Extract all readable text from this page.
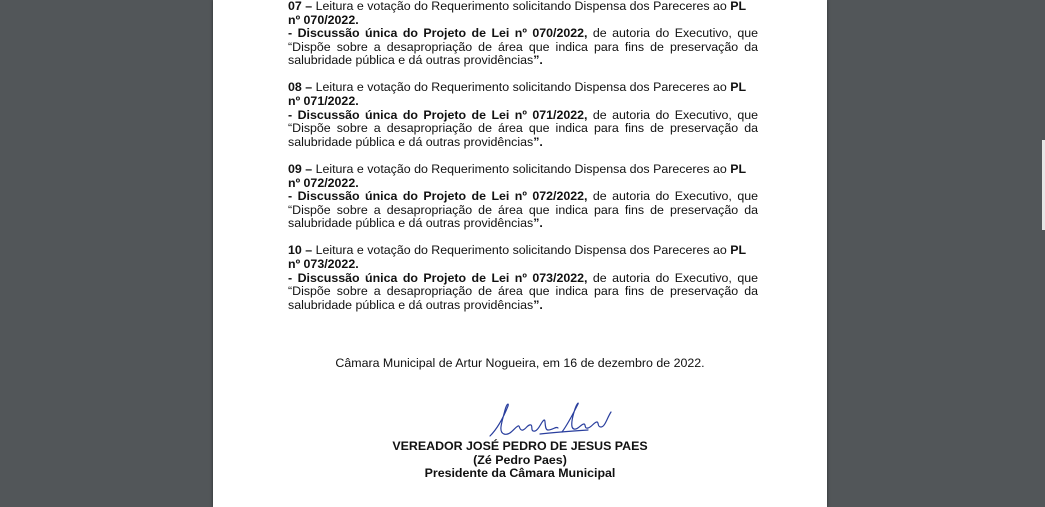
07 – Leitura e votação do Requerimento solicitando Dispensa dos Pareceres ao PL nº 070/2022.

- Discussão única do Projeto de Lei nº 070/2022, de autoria do Executivo, que “Dispõe sobre a desapropriação de área que indica para fins de preservação da salubridade pública e dá outras providências”.

08 – Leitura e votação do Requerimento solicitando Dispensa dos Pareceres ao PL nº 071/2022.

- Discussão única do Projeto de Lei nº 071/2022, de autoria do Executivo, que “Dispõe sobre a desapropriação de área que indica para fins de preservação da salubridade pública e dá outras providências”.

09 – Leitura e votação do Requerimento solicitando Dispensa dos Pareceres ao PL nº 072/2022.

- Discussão única do Projeto de Lei nº 072/2022, de autoria do Executivo, que “Dispõe sobre a desapropriação de área que indica para fins de preservação da salubridade pública e dá outras providências”.

10 – Leitura e votação do Requerimento solicitando Dispensa dos Pareceres ao PL nº 073/2022.

- Discussão única do Projeto de Lei nº 073/2022, de autoria do Executivo, que “Dispõe sobre a desapropriação de área que indica para fins de preservação da salubridade pública e dá outras providências”.

Câmara Municipal de Artur Nogueira, em 16 de dezembro de 2022.
VEREADOR JOSÉ PEDRO DE JESUS PAES
(Zé Pedro Paes)
Presidente da Câmara Municipal
